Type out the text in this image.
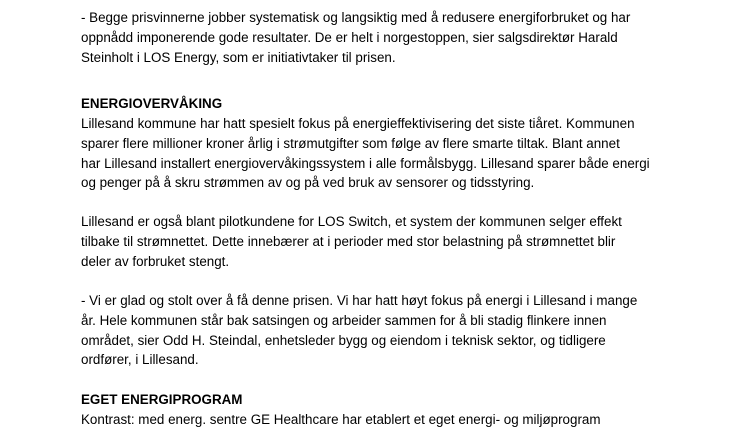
- Begge prisvinnerne jobber systematisk og langsiktig med å redusere energiforbruket og har
oppnådd imponerende gode resultater. De er helt i norgestoppen, sier salgsdirektør Harald
Steinholt i LOS Energy, som er initiativtaker til prisen.
ENERGIOVERVÅKING
Lillesand kommune har hatt spesielt fokus på energieffektivisering det siste tiåret. Kommunen
sparer flere millioner kroner årlig i strømutgifter som følge av flere smarte tiltak. Blant annet
har Lillesand installert energiovervåkingssystem i alle formålsbygg. Lillesand sparer både energi
og penger på å skru strømmen av og på ved bruk av sensorer og tidsstyring.
Lillesand er også blant pilotkundene for LOS Switch, et system der kommunen selger effekt
tilbake til strømnettet. Dette innebærer at i perioder med stor belastning på strømnettet blir
deler av forbruket stengt.
- Vi er glad og stolt over å få denne prisen. Vi har hatt høyt fokus på energi i Lillesand i mange
år. Hele kommunen står bak satsingen og arbeider sammen for å bli stadig flinkere innen
området, sier Odd H. Steindal, enhetsleder bygg og eiendom i teknisk sektor, og tidligere
ordfører, i Lillesand.
EGET ENERGIPROGRAM
Kontrast: med energ. sentre GE Healthcare har etablert et eget energi- og miljøprogram
